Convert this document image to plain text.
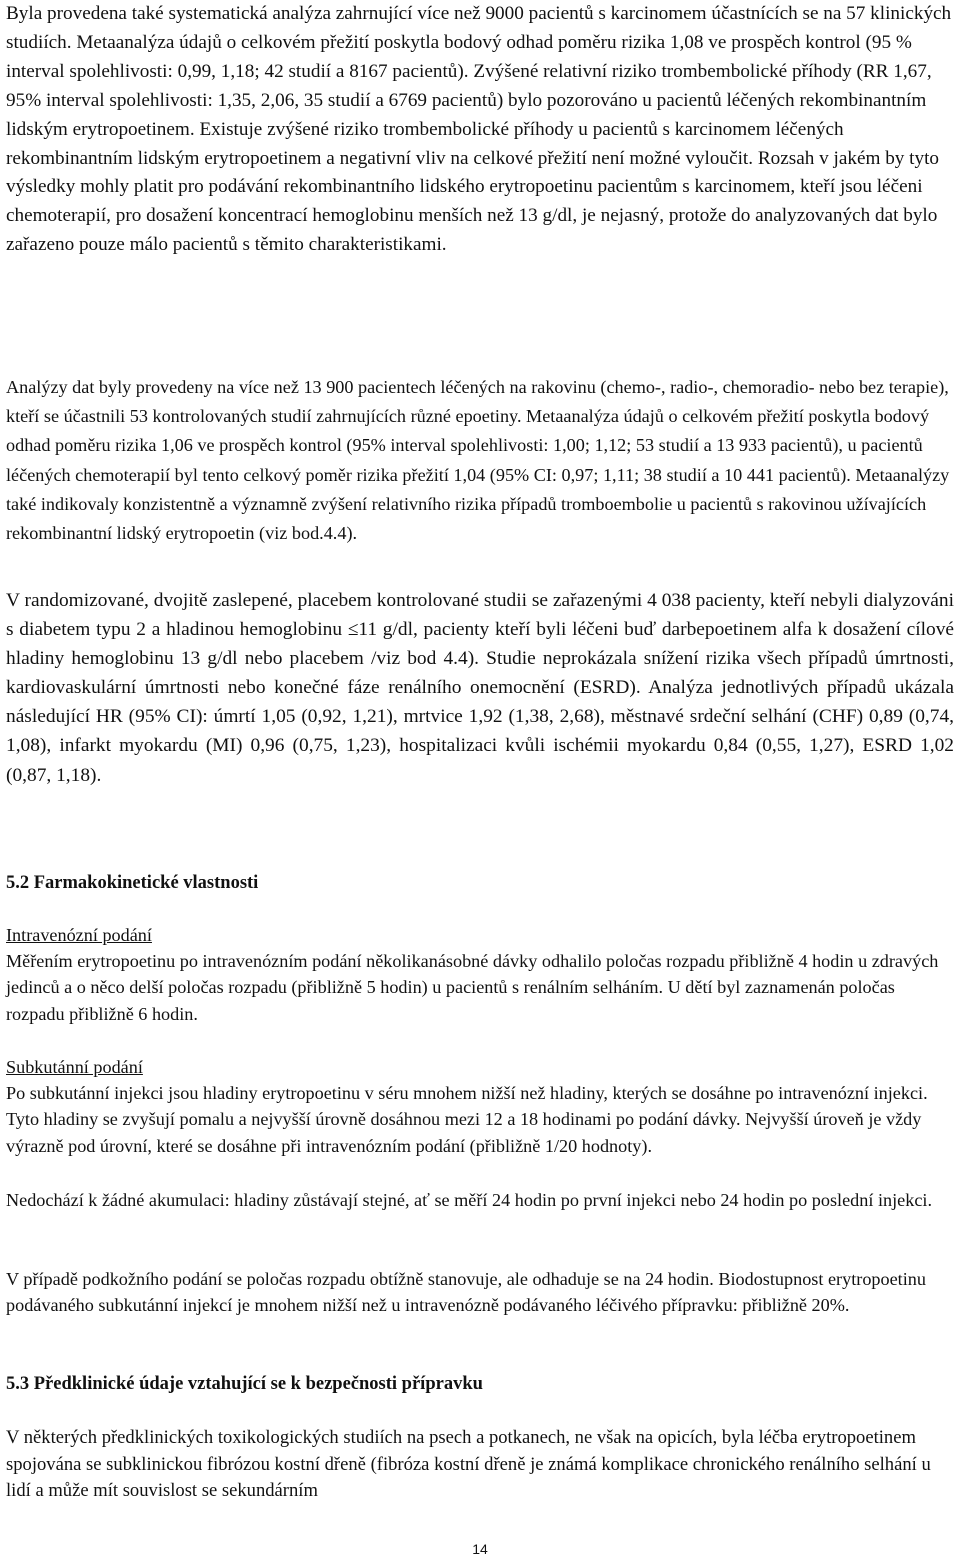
Byla provedena také systematická analýza zahrnující více než 9000 pacientů s karcinomem účastnících se na 57 klinických studiích. Metaanalýza údajů o celkovém přežití poskytla bodový odhad poměru rizika 1,08 ve prospěch kontrol (95 % interval spolehlivosti: 0,99, 1,18; 42 studií a 8167 pacientů). Zvýšené relativní riziko trombembolické příhody (RR 1,67, 95% interval spolehlivosti: 1,35, 2,06, 35 studií a 6769 pacientů) bylo pozorováno u pacientů léčených rekombinantním lidským erytropoetinem. Existuje zvýšené riziko trombembolické příhody u pacientů s karcinomem léčených rekombinantním lidským erytropoetinem a negativní vliv na celkové přežití není možné vyloučit. Rozsah v jakém by tyto výsledky mohly platit pro podávání rekombinantního lidského erytropoetinu pacientům s karcinomem, kteří jsou léčeni chemoterapií, pro dosažení koncentrací hemoglobinu menších než 13 g/dl, je nejasný, protože do analyzovaných dat bylo zařazeno pouze málo pacientů s těmito charakteristikami.

Analýzy dat byly provedeny na více než 13 900 pacientech léčených na rakovinu (chemo-, radio-, chemoradio- nebo bez terapie), kteří se účastnili 53 kontrolovaných studií zahrnujících různé epoetiny. Metaanalýza údajů o celkovém přežití poskytla bodový odhad poměru rizika 1,06 ve prospěch kontrol (95% interval spolehlivosti: 1,00; 1,12; 53 studií a 13 933 pacientů), u pacientů léčených chemoterapií byl tento celkový poměr rizika přežití 1,04 (95% CI: 0,97; 1,11; 38 studií a 10 441 pacientů). Metaanalýzy také indikovaly konzistentně a významně zvýšení relativního rizika případů tromboembolie u pacientů s rakovinou užívajících rekombinantní lidský erytropoetin (viz bod.4.4).

V randomizované, dvojitě zaslepené, placebem kontrolované studii se zařazenými 4 038 pacienty, kteří nebyli dialyzováni s diabetem typu 2 a hladinou hemoglobinu ≤11 g/dl, pacienty kteří byli léčeni buď darbepoetinem alfa k dosažení cílové hladiny hemoglobinu 13 g/dl nebo placebem /viz bod 4.4). Studie neprokázala snížení rizika všech případů úmrtnosti, kardiovaskulární úmrtnosti nebo konečné fáze renálního onemocnění (ESRD). Analýza jednotlivých případů ukázala následující HR (95% CI): úmrtí 1,05 (0,92, 1,21), mrtvice 1,92 (1,38, 2,68), městnavé srdeční selhání (CHF) 0,89 (0,74, 1,08), infarkt myokardu (MI) 0,96 (0,75, 1,23), hospitalizaci kvůli ischémii myokardu 0,84 (0,55, 1,27), ESRD 1,02 (0,87, 1,18).

5.2 Farmakokinetické vlastnosti

Intravenózní podání

Měřením erytropoetinu po intravenózním podání několikanásobné dávky odhalilo poločas rozpadu přibližně 4 hodin u zdravých jedinců a o něco delší poločas rozpadu (přibližně 5 hodin) u pacientů s renálním selháním. U dětí byl zaznamenán poločas rozpadu přibližně 6 hodin.

Subkutánní podání

Po subkutánní injekci jsou hladiny erytropoetinu v séru mnohem nižší než hladiny, kterých se dosáhne po intravenózní injekci. Tyto hladiny se zvyšují pomalu a nejvyšší úrovně dosáhnou mezi 12 a 18 hodinami po podání dávky. Nejvyšší úroveň je vždy výrazně pod úrovní, které se dosáhne při intravenózním podání (přibližně 1/20 hodnoty).

Nedochází k žádné akumulaci: hladiny zůstávají stejné, ať se měří 24 hodin po první injekci nebo 24 hodin po poslední injekci.

V případě podkožního podání se poločas rozpadu obtížně stanovuje, ale odhaduje se na 24 hodin. Biodostupnost erytropoetinu podávaného subkutánní injekcí je mnohem nižší než u intravenózně podávaného léčivého přípravku: přibližně 20%.

5.3 Předklinické údaje vztahující se k bezpečnosti přípravku

V některých předklinických toxikologických studiích na psech a potkanech, ne však na opicích, byla léčba erytropoetinem spojována se subklinickou fibrózou kostní dřeně (fibróza kostní dřeně je známá komplikace chronického renálního selhání u lidí a může mít souvislost se sekundárním

14
